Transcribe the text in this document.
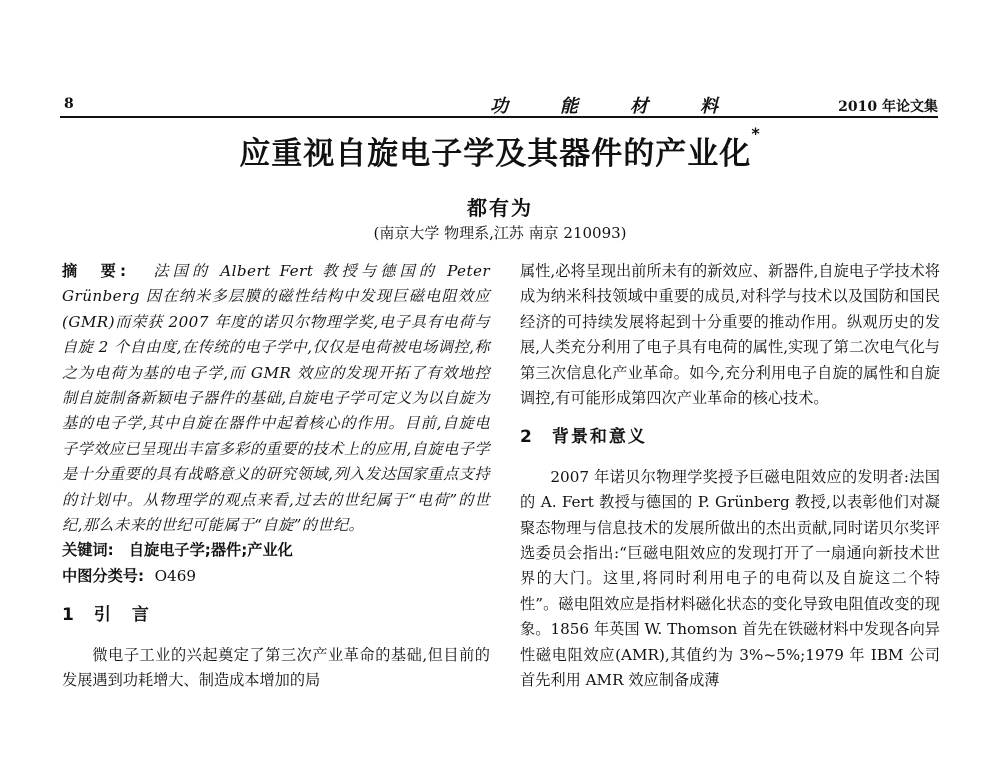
8	功能材料	2010 年论文集
应重视自旋电子学及其器件的产业化*
都有为
(南京大学 物理系,江苏 南京 210093)

摘　要: 法国的 Albert Fert 教授与德国的 Peter Grünberg 因在纳米多层膜的磁性结构中发现巨磁电阻效应(GMR)而荣获 2007 年度的诺贝尔物理学奖,电子具有电荷与自旋 2 个自由度,在传统的电子学中,仅仅是电荷被电场调控,称之为电荷为基的电子学,而 GMR 效应的发现开拓了有效地控制自旋制备新颖电子器件的基础,自旋电子学可定义为以自旋为基的电子学,其中自旋在器件中起着核心的作用。目前,自旋电子学效应已呈现出丰富多彩的重要的技术上的应用,自旋电子学是十分重要的具有战略意义的研究领域,列入发达国家重点支持的计划中。从物理学的观点来看,过去的世纪属于“电荷”的世纪,那么未来的世纪可能属于“自旋”的世纪。

关键词:　自旋电子学;器件;产业化

中图分类号: O469

1 引　言

微电子工业的兴起奠定了第三次产业革命的基础,但目前的发展遇到功耗增大、制造成本增加的局

属性,必将呈现出前所未有的新效应、新器件,自旋电子学技术将成为纳米科技领域中重要的成员,对科学与技术以及国防和国民经济的可持续发展将起到十分重要的推动作用。纵观历史的发展,人类充分利用了电子具有电荷的属性,实现了第二次电气化与第三次信息化产业革命。如今,充分利用电子自旋的属性和自旋调控,有可能形成第四次产业革命的核心技术。

2 背景和意义

2007 年诺贝尔物理学奖授予巨磁电阻效应的发明者:法国的 A. Fert 教授与德国的 P. Grünberg 教授,以表彰他们对凝聚态物理与信息技术的发展所做出的杰出贡献,同时诺贝尔奖评选委员会指出:“巨磁电阻效应的发现打开了一扇通向新技术世界的大门。这里,将同时利用电子的电荷以及自旋这二个特性”。磁电阻效应是指材料磁化状态的变化导致电阻值改变的现象。1856 年英国 W. Thomson 首先在铁磁材料中发现各向异性磁电阻效应(AMR),其值约为 3%~5%;1979 年 IBM 公司首先利用 AMR 效应制备成薄
